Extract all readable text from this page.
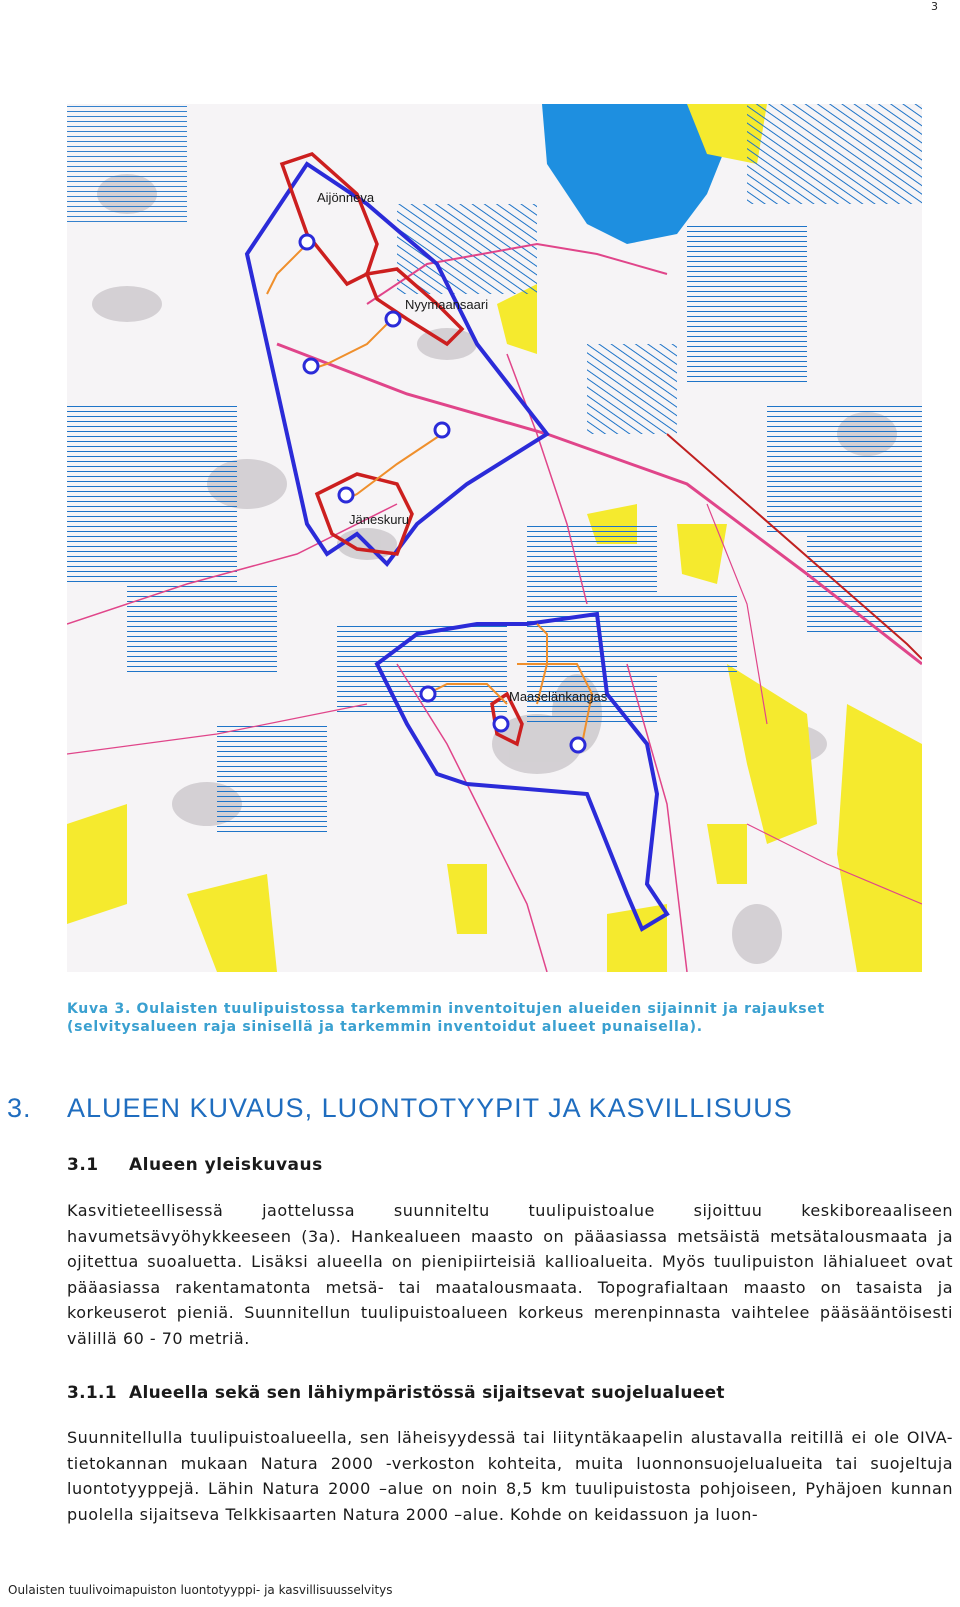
3
Aijönneva
Nyymaansaari
Jäneskuru
Maaselänkangas
Kuva 3. Oulaisten tuulipuistossa tarkemmin inventoitujen alueiden sijainnit ja rajaukset (selvitysalueen raja sinisellä ja tarkemmin inventoidut alueet punaisella).
3. ALUEEN KUVAUS, LUONTOTYYPIT JA KASVILLISUUS
3.1 Alueen yleiskuvaus
Kasvitieteellisessä jaottelussa suunniteltu tuulipuistoalue sijoittuu keskiboreaaliseen havumetsävyöhykkeeseen (3a). Hankealueen maasto on pääasiassa metsäistä metsätalousmaata ja ojitettua suoaluetta. Lisäksi alueella on pienipiirteisiä kallioalueita. Myös tuulipuiston lähialueet ovat pääasiassa rakentamatonta metsä- tai maatalousmaata. Topografialtaan maasto on tasaista ja korkeuserot pieniä. Suunnitellun tuulipuistoalueen korkeus merenpinnasta vaihtelee pääsääntöisesti välillä 60 - 70 metriä.
3.1.1 Alueella sekä sen lähiympäristössä sijaitsevat suojelualueet
Suunnitellulla tuulipuistoalueella, sen läheisyydessä tai liityntäkaapelin alustavalla reitillä ei ole OIVA-tietokannan mukaan Natura 2000 -verkoston kohteita, muita luonnonsuojelualueita tai suojeltuja luontotyyppejä. Lähin Natura 2000 –alue on noin 8,5 km tuulipuistosta pohjoiseen, Pyhäjoen kunnan puolella sijaitseva Telkkisaarten Natura 2000 –alue. Kohde on keidassuon ja luon-
Oulaisten tuulivoimapuiston luontotyyppi- ja kasvillisuusselvitys
